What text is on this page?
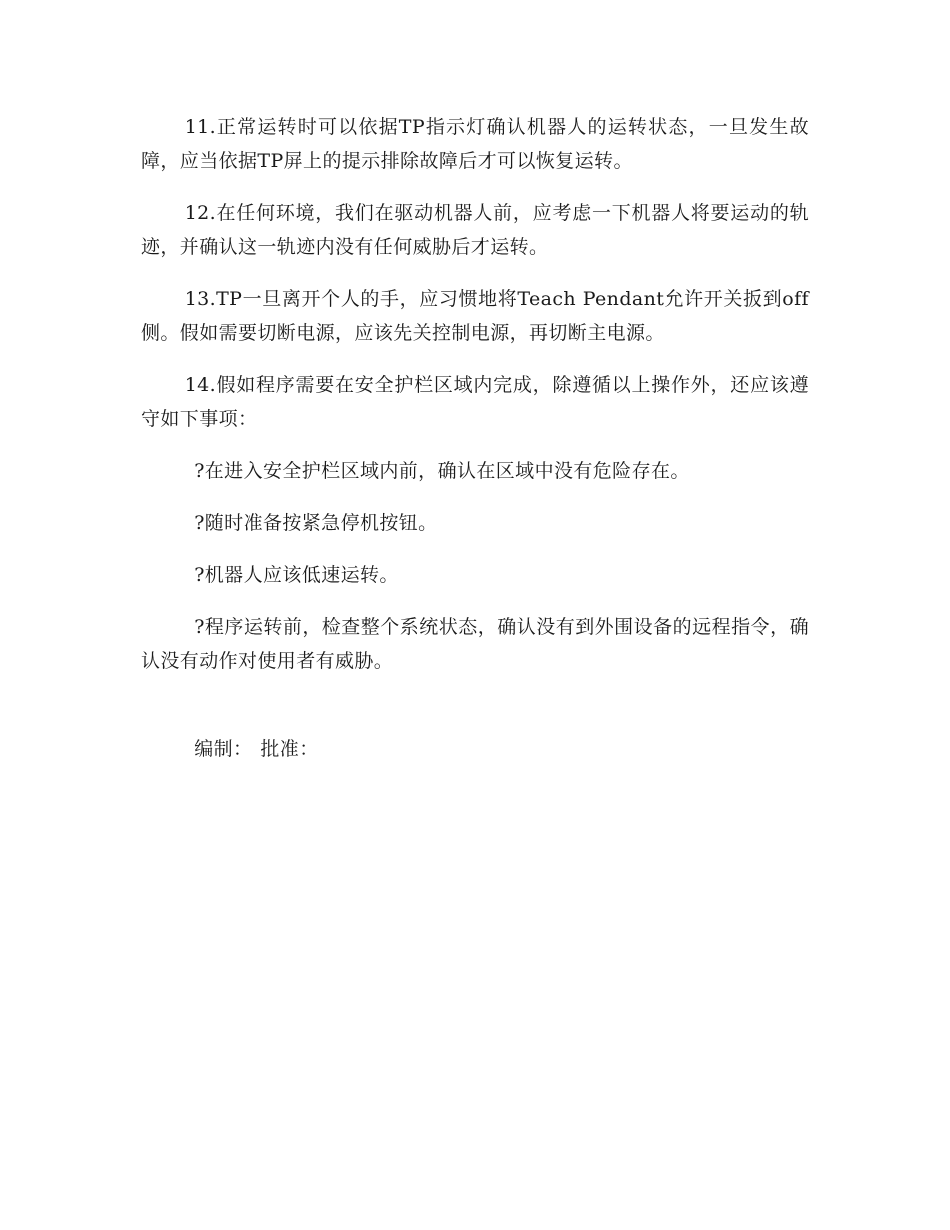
11.正常运转时可以依据TP指示灯确认机器人的运转状态，一旦发生故障，应当依据TP屏上的提示排除故障后才可以恢复运转。

12.在任何环境，我们在驱动机器人前，应考虑一下机器人将要运动的轨迹，并确认这一轨迹内没有任何威胁后才运转。

13.TP一旦离开个人的手，应习惯地将Teach Pendant允许开关扳到off侧。假如需要切断电源，应该先关控制电源，再切断主电源。

14.假如程序需要在安全护栏区域内完成，除遵循以上操作外，还应该遵守如下事项：

?在进入安全护栏区域内前，确认在区域中没有危险存在。

?随时准备按紧急停机按钮。

?机器人应该低速运转。

?程序运转前，检查整个系统状态，确认没有到外围设备的远程指令，确认没有动作对使用者有威胁。

编制： 批准：
